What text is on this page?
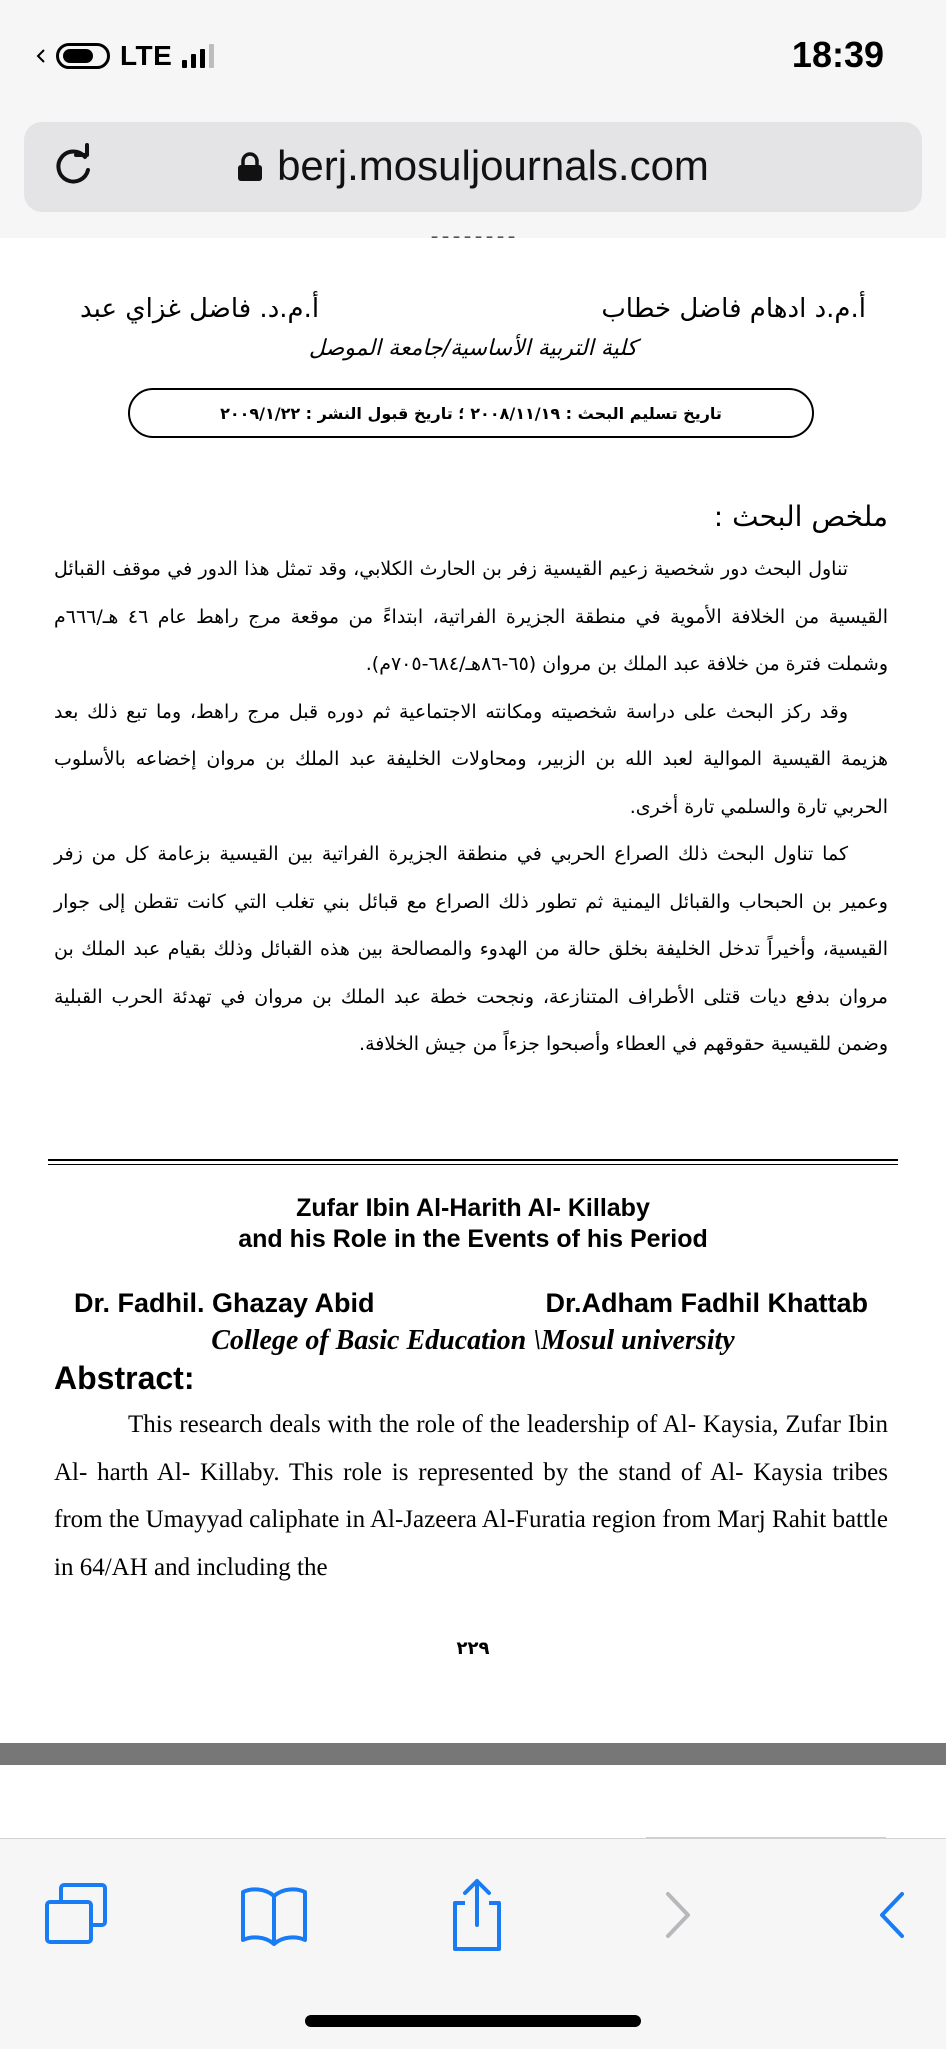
LTE	18:39
berj.mosuljournals.com
ـ ـ ـ ـ ـ ـ ـ ـ
أ.م.د ادهام فاضل خطاب
أ.م.د. فاضل غزاي عبد
كلية التربية الأساسية/جامعة الموصل
تاريخ تسليم البحث : ٢٠٠٨/١١/١٩ ؛ تاريخ قبول النشر : ٢٠٠٩/١/٢٢
ملخص البحث :

تناول البحث دور شخصية زعيم القيسية زفر بن الحارث الكلابي، وقد تمثل هذا الدور في موقف القبائل القيسية من الخلافة الأموية في منطقة الجزيرة الفراتية، ابتداءً من موقعة مرج راهط عام ٤٦ هـ/٦٦٦م وشملت فترة من خلافة عبد الملك بن مروان (٦٥-٨٦هـ/٦٨٤-٧٠٥م).

وقد ركز البحث على دراسة شخصيته ومكانته الاجتماعية ثم دوره قبل مرج راهط، وما تبع ذلك بعد هزيمة القيسية الموالية لعبد الله بن الزبير، ومحاولات الخليفة عبد الملك بن مروان إخضاعه بالأسلوب الحربي تارة والسلمي تارة أخرى.

كما تناول البحث ذلك الصراع الحربي في منطقة الجزيرة الفراتية بين القيسية بزعامة كل من زفر وعمير بن الحبحاب والقبائل اليمنية ثم تطور ذلك الصراع مع قبائل بني تغلب التي كانت تقطن إلى جوار القيسية، وأخيراً تدخل الخليفة بخلق حالة من الهدوء والمصالحة بين هذه القبائل وذلك بقيام عبد الملك بن مروان بدفع ديات قتلى الأطراف المتنازعة، ونجحت خطة عبد الملك بن مروان في تهدئة الحرب القبلية وضمن للقيسية حقوقهم في العطاء وأصبحوا جزءاً من جيش الخلافة.

Zufar Ibin Al-Harith Al- Killaby
and his Role in the Events of his Period
Dr. Fadhil. Ghazay Abid	Dr.Adham Fadhil Khattab
College of Basic Education \Mosul university
Abstract:
This research deals with the role of the leadership of Al- Kaysia, Zufar Ibin Al- harth Al- Killaby. This role is represented by the stand of Al- Kaysia tribes from the Umayyad caliphate in Al-Jazeera Al-Furatia region from Marj Rahit battle in 64/AH and including the
٢٢٩
